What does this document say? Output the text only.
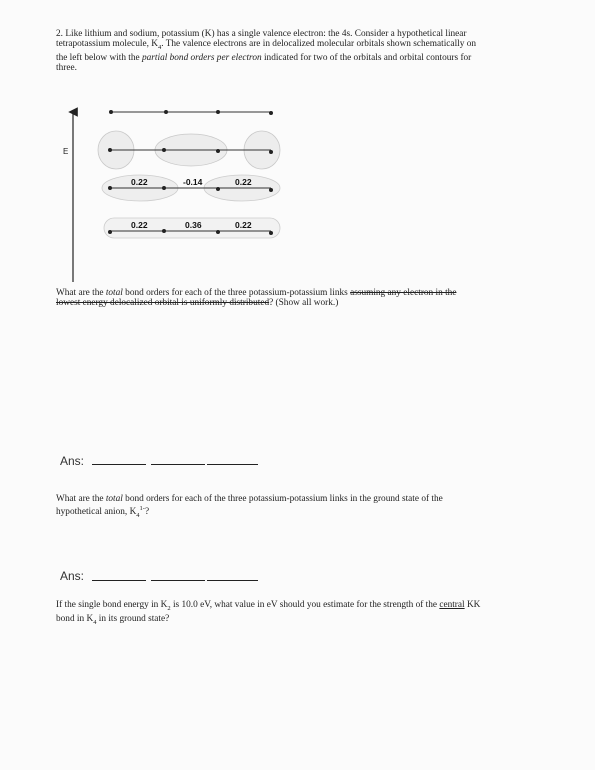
2. Like lithium and sodium, potassium (K) has a single valence electron: the 4s. Consider a hypothetical linear
tetrapotassium molecule, $K_4$. The valence electrons are in delocalized molecular orbitals shown schematically on
the left below with the partial bond orders per electron indicated for two of the orbitals and orbital contours for
three.
E
0.22	-0.14	0.22
0.22	0.36	0.22
What are the total bond orders for each of the three potassium-potassium links assuming any electron in the
lowest energy delocalized orbital is uniformly distributed? (Show all work.)
Ans:
What are the total bond orders for each of the three potassium-potassium links in the ground state of the
hypothetical anion, $K_4^{1-}$?
Ans:
If the single bond energy in $K_2$ is 10.0 eV, what value in eV should you estimate for the strength of the central KK
bond in $K_4$ in its ground state?
